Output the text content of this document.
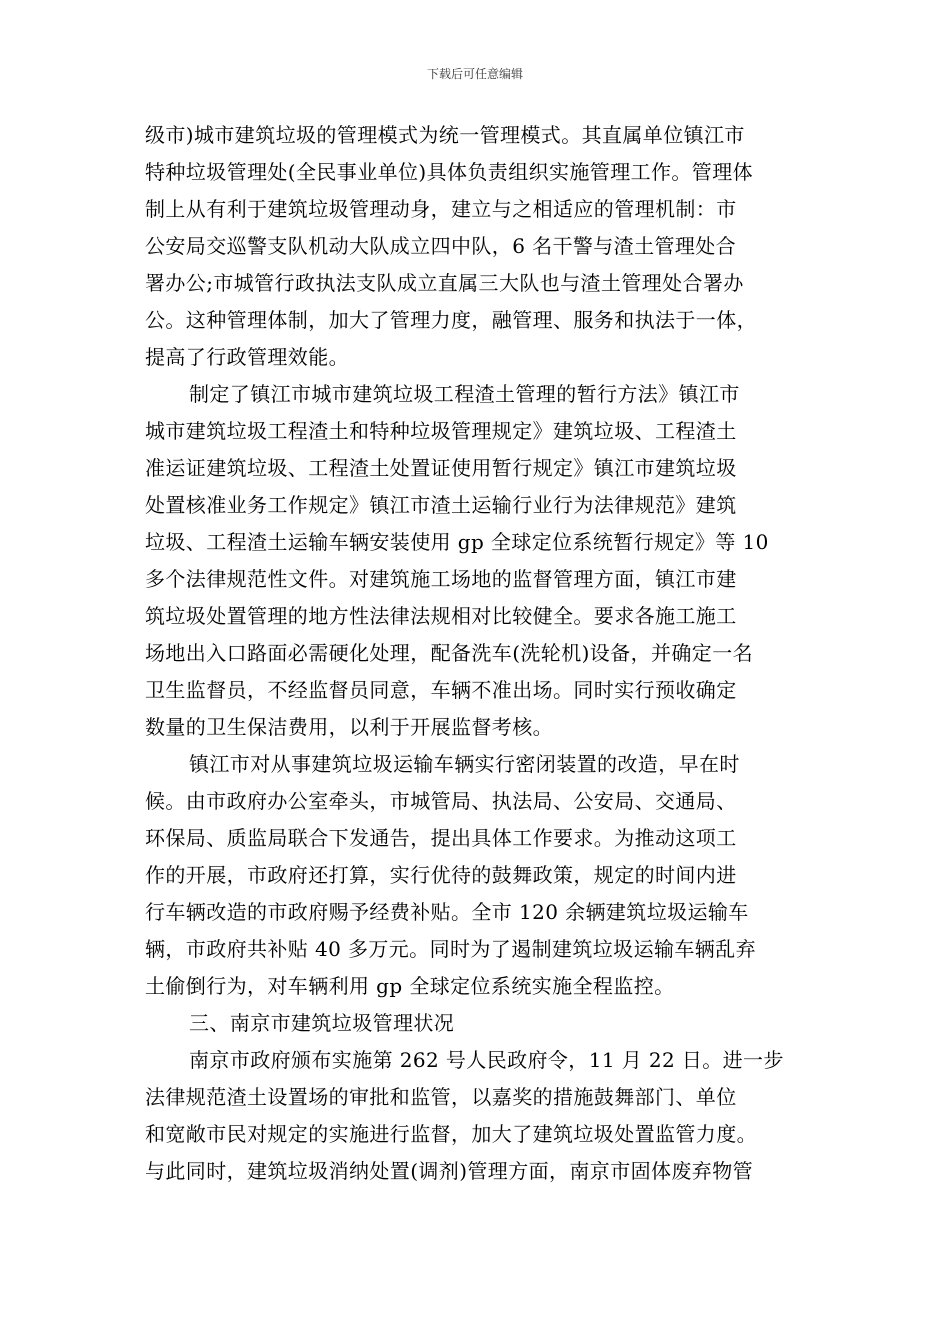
下载后可任意编辑
级市)城市建筑垃圾的管理模式为统一管理模式。其直属单位镇江市
特种垃圾管理处(全民事业单位)具体负责组织实施管理工作。管理体
制上从有利于建筑垃圾管理动身，建立与之相适应的管理机制：市
公安局交巡警支队机动大队成立四中队，6 名干警与渣土管理处合
署办公;市城管行政执法支队成立直属三大队也与渣土管理处合署办
公。这种管理体制，加大了管理力度，融管理、服务和执法于一体，
提高了行政管理效能。
制定了镇江市城市建筑垃圾工程渣土管理的暂行方法》镇江市
城市建筑垃圾工程渣土和特种垃圾管理规定》建筑垃圾、工程渣土
准运证建筑垃圾、工程渣土处置证使用暂行规定》镇江市建筑垃圾
处置核准业务工作规定》镇江市渣土运输行业行为法律规范》建筑
垃圾、工程渣土运输车辆安装使用 gp 全球定位系统暂行规定》等 10
多个法律规范性文件。对建筑施工场地的监督管理方面，镇江市建
筑垃圾处置管理的地方性法律法规相对比较健全。要求各施工施工
场地出入口路面必需硬化处理，配备洗车(洗轮机)设备，并确定一名
卫生监督员，不经监督员同意，车辆不准出场。同时实行预收确定
数量的卫生保洁费用，以利于开展监督考核。
镇江市对从事建筑垃圾运输车辆实行密闭装置的改造，早在时
候。由市政府办公室牵头，市城管局、执法局、公安局、交通局、
环保局、质监局联合下发通告，提出具体工作要求。为推动这项工
作的开展，市政府还打算，实行优待的鼓舞政策，规定的时间内进
行车辆改造的市政府赐予经费补贴。全市 120 余辆建筑垃圾运输车
辆，市政府共补贴 40 多万元。同时为了遏制建筑垃圾运输车辆乱弃
土偷倒行为，对车辆利用 gp 全球定位系统实施全程监控。
三、南京市建筑垃圾管理状况
南京市政府颁布实施第 262 号人民政府令，11 月 22 日。进一步
法律规范渣土设置场的审批和监管，以嘉奖的措施鼓舞部门、单位
和宽敞市民对规定的实施进行监督，加大了建筑垃圾处置监管力度。
与此同时，建筑垃圾消纳处置(调剂)管理方面，南京市固体废弃物管
